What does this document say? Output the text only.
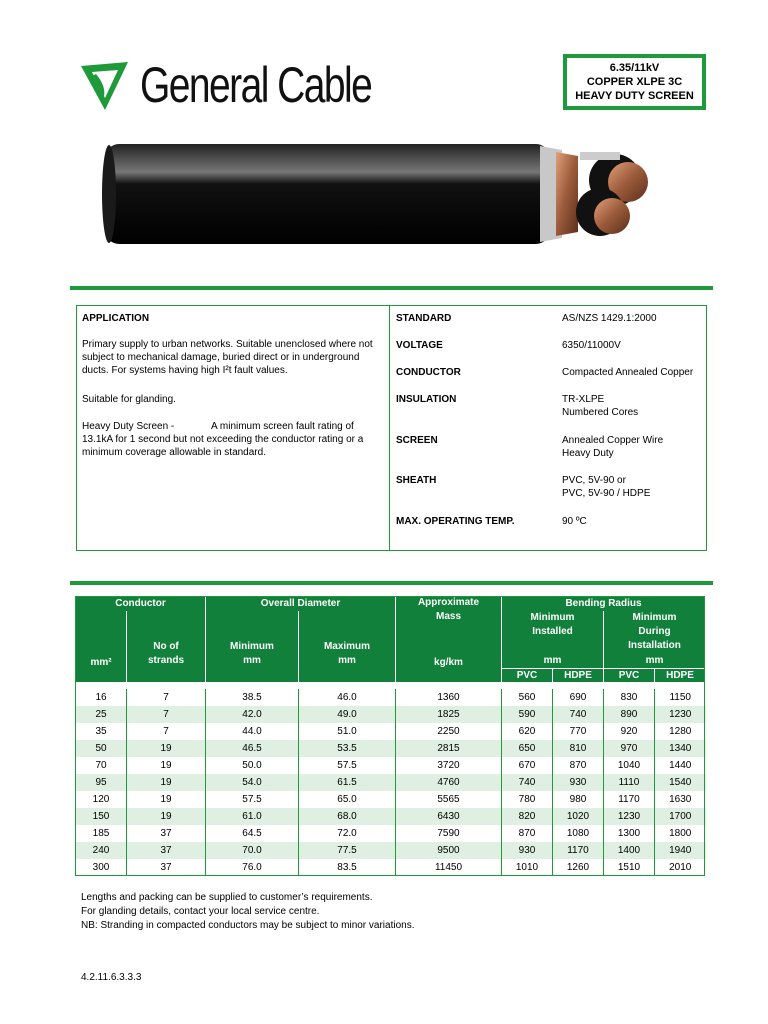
General Cable	6.35/11kV
COPPER XLPE 3C
HEAVY DUTY SCREEN
APPLICATION
Primary supply to urban networks. Suitable unenclosed where not subject to mechanical damage, buried direct or in underground ducts. For systems having high I²t fault values.
Suitable for glanding.
Heavy Duty Screen -	A minimum screen fault rating of
13.1kA for 1 second but not exceeding the conductor rating or a minimum coverage allowable in standard.
STANDARD	AS/NZS 1429.1:2000
VOLTAGE	6350/11000V
CONDUCTOR	Compacted Annealed Copper
INSULATION	TR-XLPE
Numbered Cores
SCREEN	Annealed Copper Wire
Heavy Duty
SHEATH	PVC, 5V-90 or
PVC, 5V-90 / HDPE
MAX. OPERATING TEMP.	90 ºC
Conductor		Overall Diameter		Approximate Mass	Bending Radius			
mm²	No of strands	Minimum mm	Maximum mm		Minimum Installed		Minimum During Installation	
				kg/km	mm		mm	
					PVC	HDPE	PVC	HDPE

16	7	38.5	46.0	1360	560	690	830	1150
25	7	42.0	49.0	1825	590	740	890	1230
35	7	44.0	51.0	2250	620	770	920	1280
50	19	46.5	53.5	2815	650	810	970	1340
70	19	50.0	57.5	3720	670	870	1040	1440
95	19	54.0	61.5	4760	740	930	1110	1540
120	19	57.5	65.0	5565	780	980	1170	1630
150	19	61.0	68.0	6430	820	1020	1230	1700
185	37	64.5	72.0	7590	870	1080	1300	1800
240	37	70.0	77.5	9500	930	1170	1400	1940
300	37	76.0	83.5	11450	1010	1260	1510	2010
Lengths and packing can be supplied to customer’s requirements.
For glanding details, contact your local service centre.
NB: Stranding in compacted conductors may be subject to minor variations.
4.2.11.6.3.3.3
